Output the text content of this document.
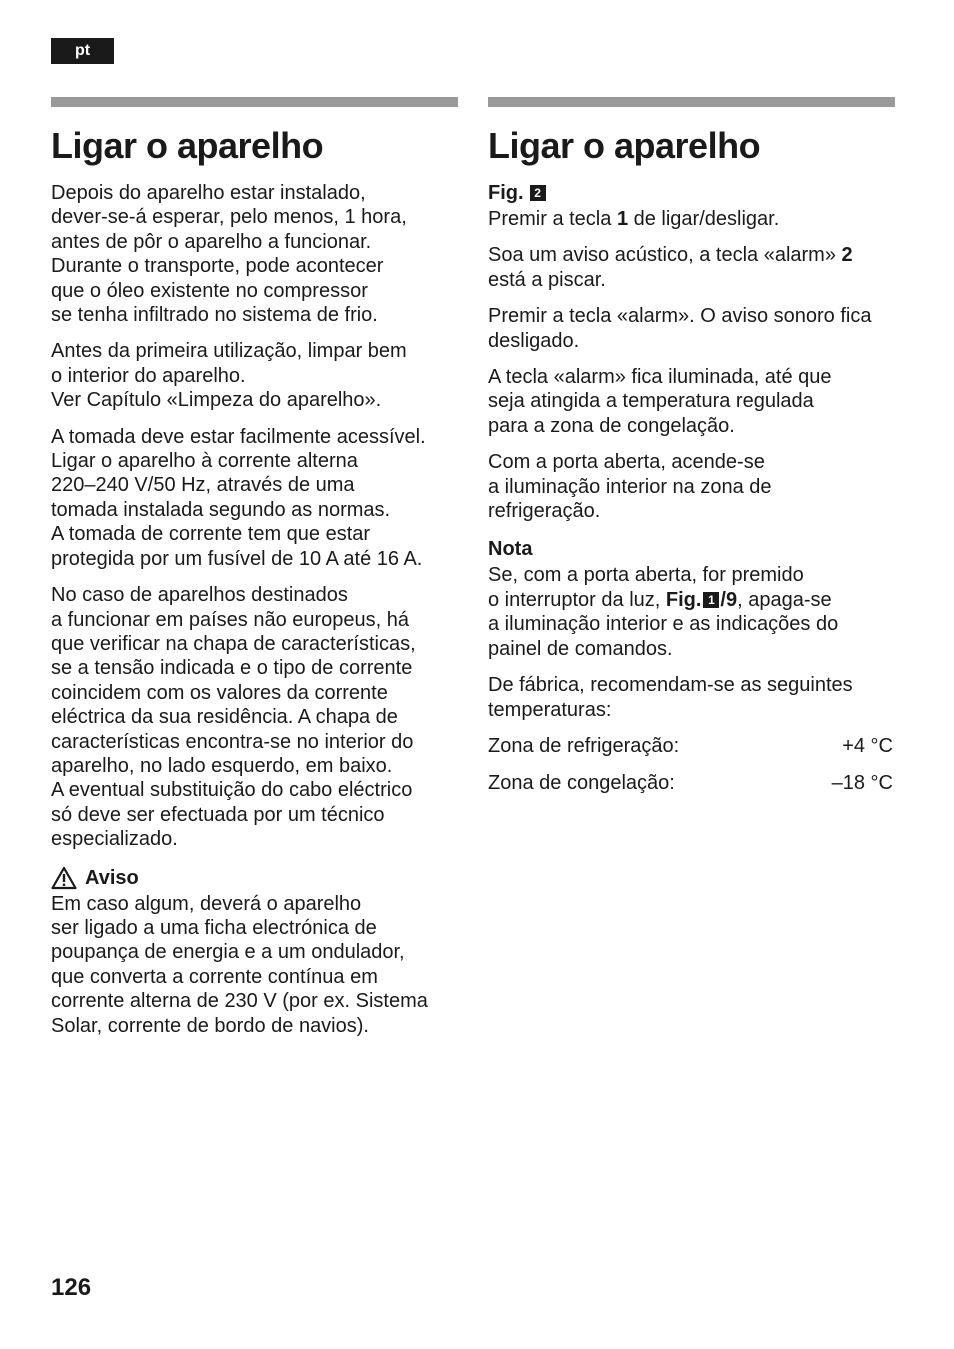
pt
Ligar o aparelho

Depois do aparelho estar instalado,
dever-se-á esperar, pelo menos, 1 hora,
antes de pôr o aparelho a funcionar.
Durante o transporte, pode acontecer
que o óleo existente no compressor
se tenha infiltrado no sistema de frio.

Antes da primeira utilização, limpar bem
o interior do aparelho.
Ver Capítulo «Limpeza do aparelho».

A tomada deve estar facilmente acessível.
Ligar o aparelho à corrente alterna
220–240 V/50 Hz, através de uma
tomada instalada segundo as normas.
A tomada de corrente tem que estar
protegida por um fusível de 10 A até 16 A.

No caso de aparelhos destinados
a funcionar em países não europeus, há
que verificar na chapa de características,
se a tensão indicada e o tipo de corrente
coincidem com os valores da corrente
eléctrica da sua residência. A chapa de
características encontra-se no interior do
aparelho, no lado esquerdo, em baixo.
A eventual substituição do cabo eléctrico
só deve ser efectuada por um técnico
especializado.

Aviso

Em caso algum, deverá o aparelho
ser ligado a uma ficha electrónica de
poupança de energia e a um ondulador,
que converta a corrente contínua em
corrente alterna de 230 V (por ex. Sistema
Solar, corrente de bordo de navios).

Ligar o aparelho
Fig. 2

Premir a tecla 1 de ligar/desligar.

Soa um aviso acústico, a tecla «alarm» 2
está a piscar.

Premir a tecla «alarm». O aviso sonoro fica
desligado.

A tecla «alarm» fica iluminada, até que
seja atingida a temperatura regulada
para a zona de congelação.

Com a porta aberta, acende-se
a iluminação interior na zona de
refrigeração.

Nota

Se, com a porta aberta, for premido
o interruptor da luz, Fig. 1 /9, apaga-se
a iluminação interior e as indicações do
painel de comandos.

De fábrica, recomendam-se as seguintes
temperaturas:

Zona de refrigeração:	+4 °C
Zona de congelação:	–18 °C
126
